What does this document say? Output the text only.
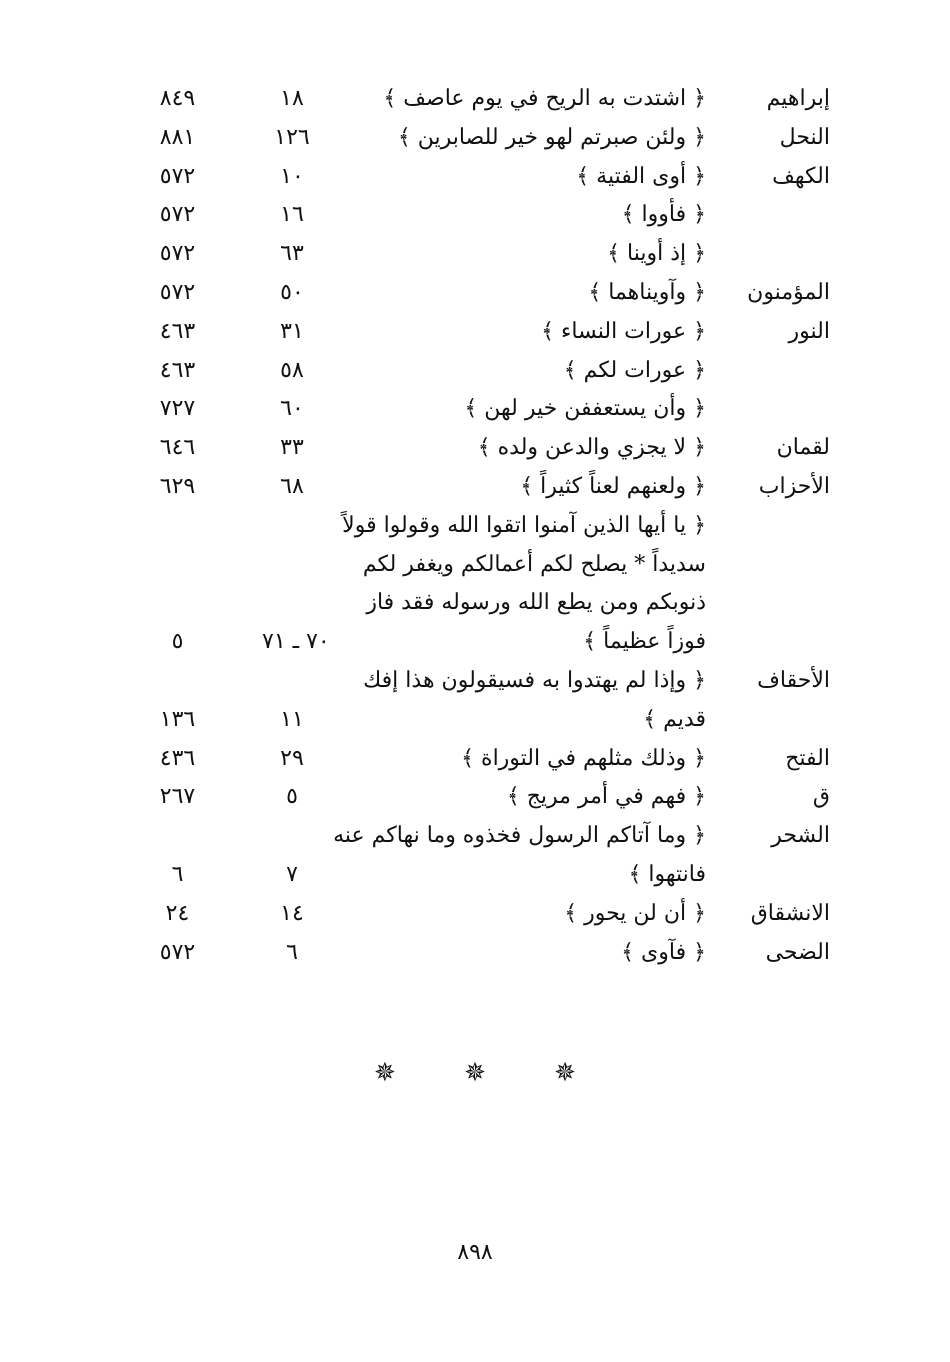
إبراهيم
﴿ اشتدت به الريح في يوم عاصف ﴾
١٨
٨٤٩
النحل
﴿ ولئن صبرتم لهو خير للصابرين ﴾
١٢٦
٨٨١
الكهف
﴿ أوى الفتية ﴾
١٠
٥٧٢
﴿ فأووا ﴾
١٦
٥٧٢
﴿ إذ أوينا ﴾
٦٣
٥٧٢
المؤمنون
﴿ وآويناهما ﴾
٥٠
٥٧٢
النور
﴿ عورات النساء ﴾
٣١
٤٦٣
﴿ عورات لكم ﴾
٥٨
٤٦٣
﴿ وأن يستعففن خير لهن ﴾
٦٠
٧٢٧
لقمان
﴿ لا يجزي والدعن ولده ﴾
٣٣
٦٤٦
الأحزاب
﴿ ولعنهم لعناً كثيراً ﴾
٦٨
٦٢٩
﴿ يا أيها الذين آمنوا اتقوا الله وقولوا قولاً
سديداً * يصلح لكم أعمالكم ويغفر لكم
ذنوبكم ومن يطع الله ورسوله فقد فاز
فوزاً عظيماً ﴾
٧٠ ـ ٧١
٥
الأحقاف
﴿ وإذا لم يهتدوا به فسيقولون هذا إفك
قديم ﴾
١١
١٣٦
الفتح
﴿ وذلك مثلهم في التوراة ﴾
٢٩
٤٣٦
ق
﴿ فهم في أمر مريج ﴾
٥
٢٦٧
الشحر
﴿ وما آتاكم الرسول فخذوه وما نهاكم عنه
فانتهوا ﴾
٧
٦
الانشقاق
﴿ أن لن يحور ﴾
١٤
٢٤
الضحى
﴿ فآوى ﴾
٦
٥٧٢
✵ ✵ ✵
٨٩٨
